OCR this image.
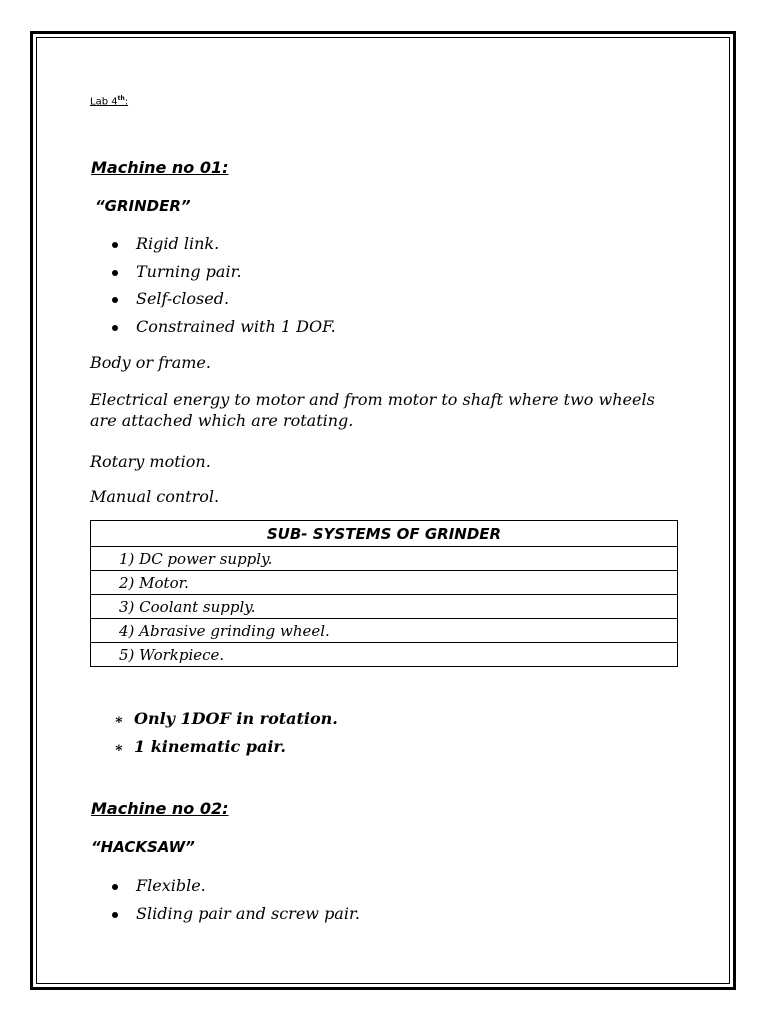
Lab 4th:
Machine no 01:
“GRINDER”
Rigid link.
Turning pair.
Self-closed.
Constrained with 1 DOF.
Body or frame.
Electrical energy to motor and from motor to shaft where two wheels are attached which are rotating.
Rotary motion.
Manual control.
SUB- SYSTEMS OF GRINDER
1) DC power supply.
2) Motor.
3) Coolant supply.
4) Abrasive grinding wheel.
5) Workpiece.
∗ Only 1DOF in rotation.
∗ 1 kinematic pair.
Machine no 02:
“HACKSAW”
Flexible.
Sliding pair and screw pair.
